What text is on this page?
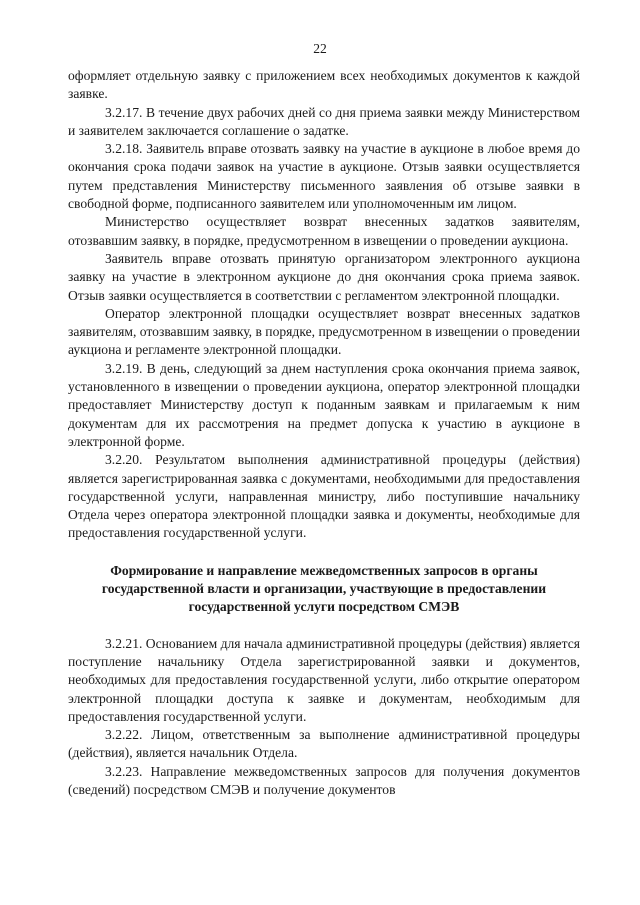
22

оформляет отдельную заявку с приложением всех необходимых документов к каждой заявке.

3.2.17. В течение двух рабочих дней со дня приема заявки между Министерством и заявителем заключается соглашение о задатке.

3.2.18. Заявитель вправе отозвать заявку на участие в аукционе в любое время до окончания срока подачи заявок на участие в аукционе. Отзыв заявки осуществляется путем представления Министерству письменного заявления об отзыве заявки в свободной форме, подписанного заявителем или уполномоченным им лицом.

Министерство осуществляет возврат внесенных задатков заявителям, отозвавшим заявку, в порядке, предусмотренном в извещении о проведении аукциона.

Заявитель вправе отозвать принятую организатором электронного аукциона заявку на участие в электронном аукционе до дня окончания срока приема заявок. Отзыв заявки осуществляется в соответствии с регламентом электронной площадки.

Оператор электронной площадки осуществляет возврат внесенных задатков заявителям, отозвавшим заявку, в порядке, предусмотренном в извещении о проведении аукциона и регламенте электронной площадки.

3.2.19. В день, следующий за днем наступления срока окончания приема заявок, установленного в извещении о проведении аукциона, оператор электронной площадки предоставляет Министерству доступ к поданным заявкам и прилагаемым к ним документам для их рассмотрения на предмет допуска к участию в аукционе в электронной форме.

3.2.20. Результатом выполнения административной процедуры (действия) является зарегистрированная заявка с документами, необходимыми для предоставления государственной услуги, направленная министру, либо поступившие начальнику Отдела через оператора электронной площадки заявка и документы, необходимые для предоставления государственной услуги.

Формирование и направление межведомственных запросов в органы государственной власти и организации, участвующие в предоставлении государственной услуги посредством СМЭВ

3.2.21. Основанием для начала административной процедуры (действия) является поступление начальнику Отдела зарегистрированной заявки и документов, необходимых для предоставления государственной услуги, либо открытие оператором электронной площадки доступа к заявке и документам, необходимым для предоставления государственной услуги.

3.2.22. Лицом, ответственным за выполнение административной процедуры (действия), является начальник Отдела.

3.2.23. Направление межведомственных запросов для получения документов (сведений) посредством СМЭВ и получение документов
